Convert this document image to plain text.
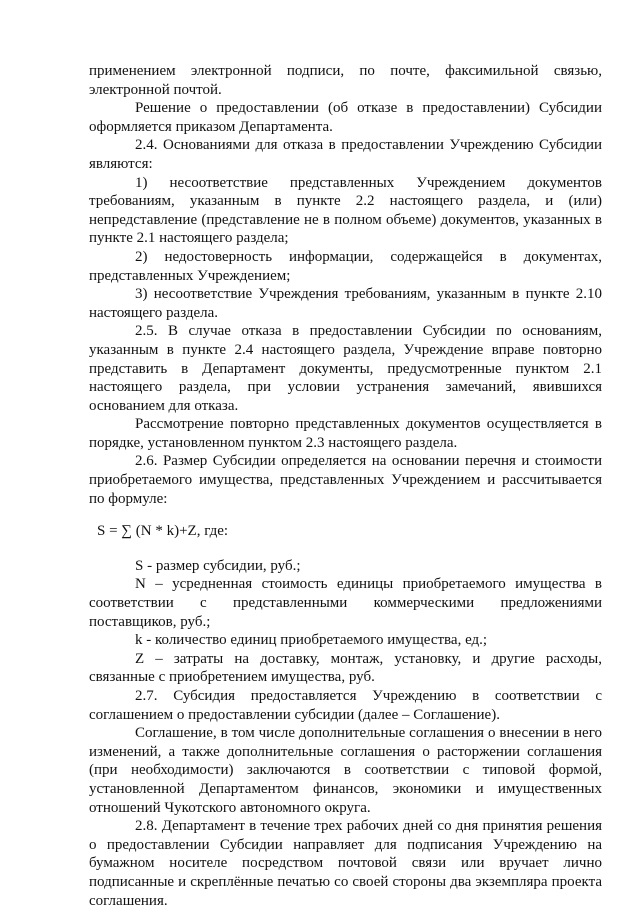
применением электронной подписи, по почте, факсимильной связью, электронной почтой.

Решение о предоставлении (об отказе в предоставлении) Субсидии оформляется приказом Департамента.

2.4. Основаниями для отказа в предоставлении Учреждению Субсидии являются:

1) несоответствие представленных Учреждением документов требованиям, указанным в пункте 2.2 настоящего раздела, и (или) непредставление (представление не в полном объеме) документов, указанных в пункте 2.1 настоящего раздела;

2) недостоверность информации, содержащейся в документах, представленных Учреждением;

3) несоответствие Учреждения требованиям, указанным в пункте 2.10 настоящего раздела.

2.5. В случае отказа в предоставлении Субсидии по основаниям, указанным в пункте 2.4 настоящего раздела, Учреждение вправе повторно представить в Департамент документы, предусмотренные пунктом 2.1 настоящего раздела, при условии устранения замечаний, явившихся основанием для отказа.

Рассмотрение повторно представленных документов осуществляется в порядке, установленном пунктом 2.3 настоящего раздела.

2.6. Размер Субсидии определяется на основании перечня и стоимости приобретаемого имущества, представленных Учреждением и рассчитывается по формуле:

S = ∑ (N * k)+Z, где:

S - размер субсидии, руб.;

N – усредненная стоимость единицы приобретаемого имущества в соответствии с представленными коммерческими предложениями поставщиков, руб.;

k - количество единиц приобретаемого имущества, ед.;

Z – затраты на доставку, монтаж, установку, и другие расходы, связанные с приобретением имущества, руб.

2.7. Субсидия предоставляется Учреждению в соответствии с соглашением о предоставлении субсидии (далее – Соглашение).

Соглашение, в том числе дополнительные соглашения о внесении в него изменений, а также дополнительные соглашения о расторжении соглашения (при необходимости) заключаются в соответствии с типовой формой, установленной Департаментом финансов, экономики и имущественных отношений Чукотского автономного округа.

2.8. Департамент в течение трех рабочих дней со дня принятия решения о предоставлении Субсидии направляет для подписания Учреждению на бумажном носителе посредством почтовой связи или вручает лично подписанные и скреплённые печатью со своей стороны два экземпляра проекта соглашения.
